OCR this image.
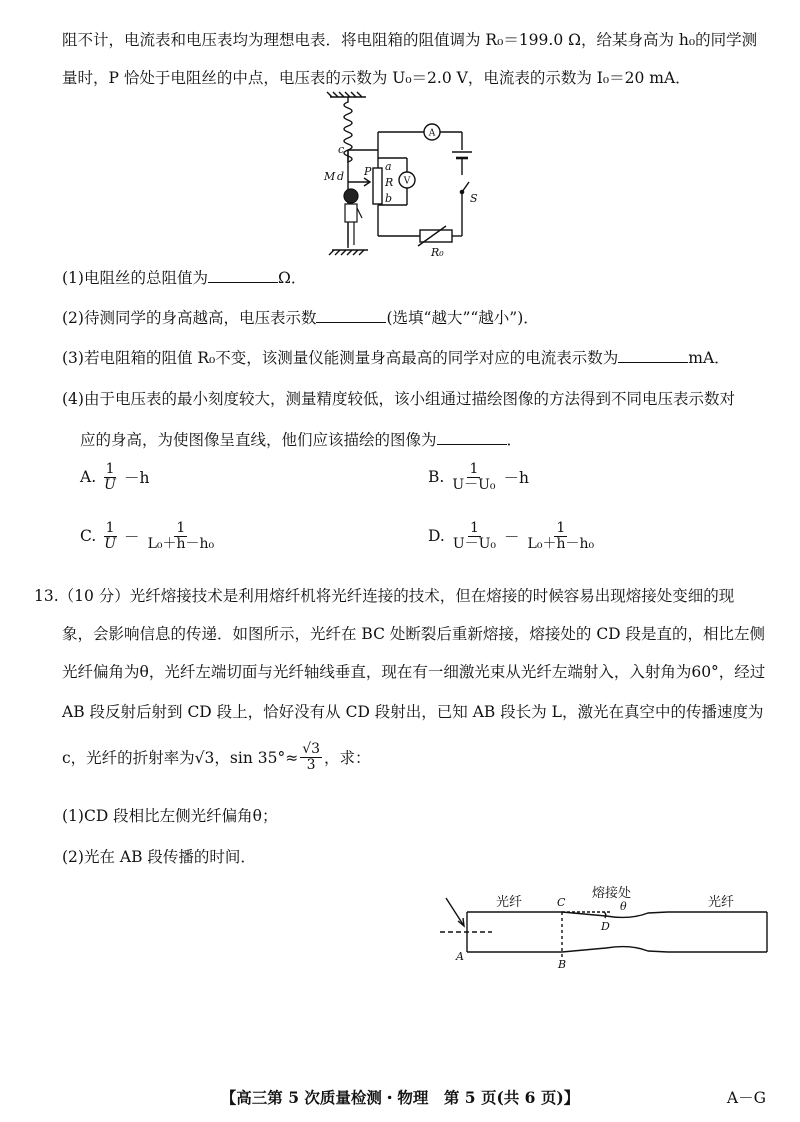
阻不计，电流表和电压表均为理想电表．将电阻箱的阻值调为 R₀＝199.0 Ω，给某身高为 h₀的同学测
量时，P 恰处于电阻丝的中点，电压表的示数为 U₀＝2.0 V，电流表的示数为 I₀＝20 mA．
c
M d P a
R
b	S
R₀
A
V
(1)电阻丝的总阻值为	Ω．
(2)待测同学的身高越高，电压表示数	(选填“越大”“越小”)．
(3)若电阻箱的阻值 R₀不变，该测量仪能测量身高最高的同学对应的电流表示数为	mA．
(4)由于电压表的最小刻度较大，测量精度较低，该小组通过描绘图像的方法得到不同电压表示数对
应的身高，为使图像呈直线，他们应该描绘的图像为	．
A. $\frac{1}{U} -h$	B. $\frac{1}{\text{U－U₀}} -h$
C. $\frac{1}{U} - \frac{1}{\text{L₀＋h－h₀}}$	D. $\frac{1}{\text{U－U₀}} - \frac{1}{\text{L₀＋h－h₀}}$
13.（10 分）光纤熔接技术是利用熔纤机将光纤连接的技术，但在熔接的时候容易出现熔接处变细的现
象，会影响信息的传递．如图所示，光纤在 BC 处断裂后重新熔接，熔接处的 CD 段是直的，相比左侧
光纤偏角为θ，光纤左端切面与光纤轴线垂直，现在有一细激光束从光纤左端射入，入射角为60°，经过
AB 段反射后射到 CD 段上，恰好没有从 CD 段射出，已知 AB 段长为 L，激光在真空中的传播速度为
c，光纤的折射率为√3，$\sin 35^\circ\approx \frac{√3}{3}$ ，求：
(1)CD 段相比左侧光纤偏角θ；
(2)光在 AB 段传播的时间．
光纤
熔接处
光纤
C	θ
D
A
B
【高三第 5 次质量检测・物理　第 5 页(共 6 页)】	A－G
